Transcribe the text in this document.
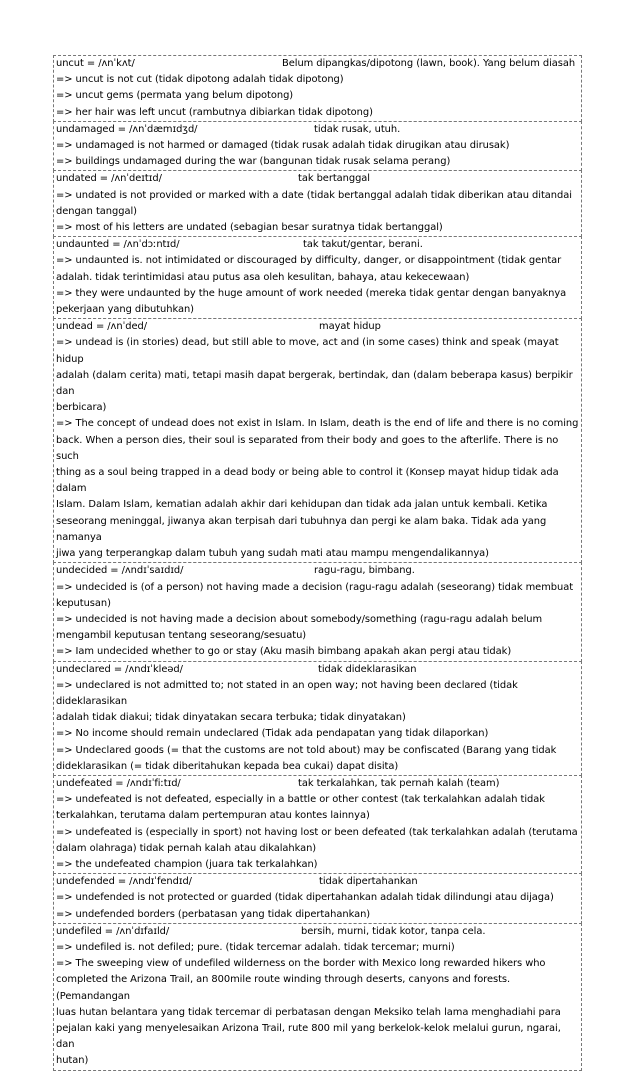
uncut = /ʌnˈkʌt/	Belum dipangkas/dipotong (lawn, book). Yang belum diasah
=> uncut is not cut (tidak dipotong adalah tidak dipotong)
=> uncut gems (permata yang belum dipotong)
=> her hair was left uncut (rambutnya dibiarkan tidak dipotong)
undamaged = /ʌnˈdæmɪdʒd/	tidak rusak, utuh.
=> undamaged is not harmed or damaged (tidak rusak adalah tidak dirugikan atau dirusak)
=> buildings undamaged during the war (bangunan tidak rusak selama perang)
undated = /ʌnˈdeɪtɪd/	tak bertanggal
=> undated is not provided or marked with a date (tidak bertanggal adalah tidak diberikan atau ditandai
dengan tanggal)
=> most of his letters are undated (sebagian besar suratnya tidak bertanggal)
undaunted = /ʌnˈdɔːntɪd/	tak takut/gentar, berani.
=> undaunted is. not intimidated or discouraged by difficulty, danger, or disappointment (tidak gentar
adalah. tidak terintimidasi atau putus asa oleh kesulitan, bahaya, atau kekecewaan)
=> they were undaunted by the huge amount of work needed (mereka tidak gentar dengan banyaknya
pekerjaan yang dibutuhkan)
undead = /ʌnˈded/	mayat hidup
=> undead is (in stories) dead, but still able to move, act and (in some cases) think and speak (mayat hidup
adalah (dalam cerita) mati, tetapi masih dapat bergerak, bertindak, dan (dalam beberapa kasus) berpikir dan
berbicara)
=> The concept of undead does not exist in Islam. In Islam, death is the end of life and there is no coming
back. When a person dies, their soul is separated from their body and goes to the afterlife. There is no such
thing as a soul being trapped in a dead body or being able to control it (Konsep mayat hidup tidak ada dalam
Islam. Dalam Islam, kematian adalah akhir dari kehidupan dan tidak ada jalan untuk kembali. Ketika
seseorang meninggal, jiwanya akan terpisah dari tubuhnya dan pergi ke alam baka. Tidak ada yang namanya
jiwa yang terperangkap dalam tubuh yang sudah mati atau mampu mengendalikannya)
undecided = /ʌndɪˈsaɪdɪd/	ragu-ragu, bimbang.
=> undecided is (of a person) not having made a decision (ragu-ragu adalah (seseorang) tidak membuat
keputusan)
=> undecided is not having made a decision about somebody/something (ragu-ragu adalah belum
mengambil keputusan tentang seseorang/sesuatu)
=> Iam undecided whether to go or stay (Aku masih bimbang apakah akan pergi atau tidak)
undeclared = /ʌndɪˈkleəd/	tidak dideklarasikan
=> undeclared is not admitted to; not stated in an open way; not having been declared (tidak dideklarasikan
adalah tidak diakui; tidak dinyatakan secara terbuka; tidak dinyatakan)
=> No income should remain undeclared (Tidak ada pendapatan yang tidak dilaporkan)
=> Undeclared goods (= that the customs are not told about) may be confiscated (Barang yang tidak
dideklarasikan (= tidak diberitahukan kepada bea cukai) dapat disita)
undefeated = /ʌndɪˈfiːtɪd/	tak terkalahkan, tak pernah kalah (team)
=> undefeated is not defeated, especially in a battle or other contest (tak terkalahkan adalah tidak
terkalahkan, terutama dalam pertempuran atau kontes lainnya)
=> undefeated is (especially in sport) not having lost or been defeated (tak terkalahkan adalah (terutama
dalam olahraga) tidak pernah kalah atau dikalahkan)
=> the undefeated champion (juara tak terkalahkan)
undefended = /ʌndɪˈfendɪd/	tidak dipertahankan
=> undefended is not protected or guarded (tidak dipertahankan adalah tidak dilindungi atau dijaga)
=> undefended borders (perbatasan yang tidak dipertahankan)
undefiled = /ʌnˈdɪfaɪld/	bersih, murni, tidak kotor, tanpa cela.
=> undefiled is. not defiled; pure. (tidak tercemar adalah. tidak tercemar; murni)
=> The sweeping view of undefiled wilderness on the border with Mexico long rewarded hikers who
completed the Arizona Trail, an 800mile route winding through deserts, canyons and forests. (Pemandangan
luas hutan belantara yang tidak tercemar di perbatasan dengan Meksiko telah lama menghadiahi para
pejalan kaki yang menyelesaikan Arizona Trail, rute 800 mil yang berkelok-kelok melalui gurun, ngarai, dan
hutan)
